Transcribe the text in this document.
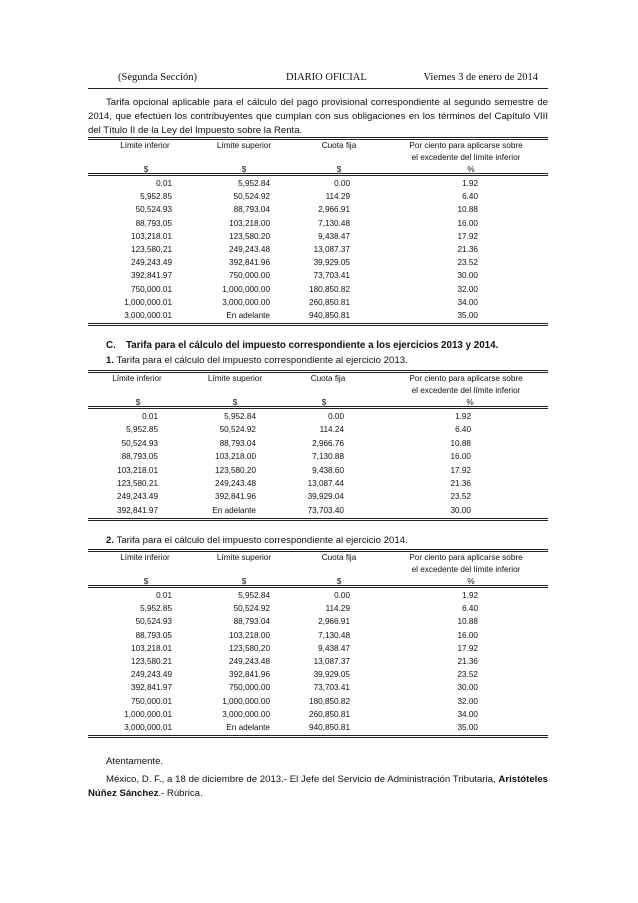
(Segunda Sección)	DIARIO OFICIAL	Viernes 3 de enero de 2014

Tarifa opcional aplicable para el cálculo del pago provisional correspondiente al segundo semestre de 2014, que efectúen los contribuyentes que cumplan con sus obligaciones en los términos del Capítulo VIII del Título II de la Ley del Impuesto sobre la Renta.

Límite inferior	Límite superior	Cuota fija	Por ciento para aplicarse sobre
el excedente del límite inferior
$	$	$	%
0.01	5,952.84	0.00	1.92
5,952.85	50,524.92	114.29	6.40
50,524.93	88,793.04	2,966.91	10.88
88,793.05	103,218.00	7,130.48	16.00
103,218.01	123,580.20	9,438.47	17.92
123,580.21	249,243.48	13,087.37	21.36
249,243.49	392,841.96	39,929.05	23.52
392,841.97	750,000.00	73,703.41	30.00
750,000.01	1,000,000.00	180,850.82	32.00
1,000,000.01	3,000,000.00	260,850.81	34.00
3,000,000.01	En adelante	940,850.81	35.00
C. Tarifa para el cálculo del impuesto correspondiente a los ejercicios 2013 y 2014.
1. Tarifa para el cálculo del impuesto correspondiente al ejercicio 2013.
Límite inferior	Límite superior	Cuota fija	Por ciento para aplicarse sobre
el excedente del límite inferior
$	$	$	%
0.01	5,952.84	0.00	1.92
5,952.85	50,524.92	114.24	6.40
50,524.93	88,793.04	2,966.76	10.88
88,793.05	103,218.00	7,130.88	16.00
103,218.01	123,580.20	9,438.60	17.92
123,580.21	249,243.48	13,087.44	21.36
249,243.49	392,841.96	39,929.04	23.52
392,841.97	En adelante	73,703.40	30.00
2. Tarifa para el cálculo del impuesto correspondiente al ejercicio 2014.
Límite inferior	Límite superior	Cuota fija	Por ciento para aplicarse sobre
el excedente del límite inferior
$	$	$	%
0.01	5,952.84	0.00	1.92
5,952.85	50,524.92	114.29	6.40
50,524.93	88,793.04	2,966.91	10.88
88,793.05	103,218.00	7,130.48	16.00
103,218.01	123,580.20	9,438.47	17.92
123,580.21	249,243.48	13,087.37	21.36
249,243.49	392,841.96	39,929.05	23.52
392,841.97	750,000.00	73,703.41	30.00
750,000.01	1,000,000.00	180,850.82	32.00
1,000,000.01	3,000,000.00	260,850.81	34.00
3,000,000.01	En adelante	940,850.81	35.00
Atentamente.

México, D. F., a 18 de diciembre de 2013.- El Jefe del Servicio de Administración Tributaria, Aristóteles Núñez Sánchez.- Rúbrica.
